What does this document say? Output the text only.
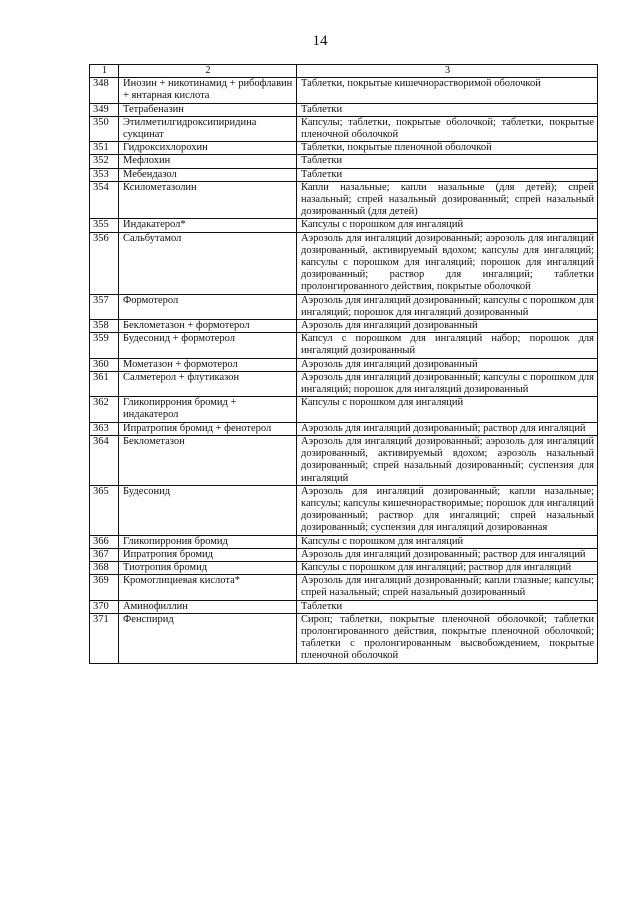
14
1	2	3
348	Инозин + никотинамид + рибофлавин + янтарная кислота	Таблетки, покрытые кишечнорастворимой оболочкой
349	Тетрабеназин	Таблетки
350	Этилметилгидроксипиридина сукцинат	Капсулы; таблетки, покрытые оболочкой; таблетки, покрытые пленочной оболочкой
351	Гидроксихлорохин	Таблетки, покрытые пленочной оболочкой
352	Мефлохин	Таблетки
353	Мебендазол	Таблетки
354	Ксилометазолин	Капли назальные; капли назальные (для детей); спрей назальный; спрей назальный дозированный; спрей назальный дозированный (для детей)
355	Индакатерол*	Капсулы с порошком для ингаляций
356	Сальбутамол	Аэрозоль для ингаляций дозированный; аэрозоль для ингаляций дозированный, активируемый вдохом; капсулы для ингаляций; капсулы с порошком для ингаляций; порошок для ингаляций дозированный; раствор для ингаляций; таблетки пролонгированного действия, покрытые оболочкой
357	Формотерол	Аэрозоль для ингаляций дозированный; капсулы с порошком для ингаляций; порошок для ингаляций дозированный
358	Беклометазон + формотерол	Аэрозоль для ингаляций дозированный
359	Будесонид + формотерол	Капсул с порошком для ингаляций набор; порошок для ингаляций дозированный
360	Мометазон + формотерол	Аэрозоль для ингаляций дозированный
361	Салметерол + флутиказон	Аэрозоль для ингаляций дозированный; капсулы с порошком для ингаляций; порошок для ингаляций дозированный
362	Гликопиррония бромид + индакатерол	Капсулы с порошком для ингаляций
363	Ипратропия бромид + фенотерол	Аэрозоль для ингаляций дозированный; раствор для ингаляций
364	Беклометазон	Аэрозоль для ингаляций дозированный; аэрозоль для ингаляций дозированный, активируемый вдохом; аэрозоль назальный дозированный; спрей назальный дозированный; суспензия для ингаляций
365	Будесонид	Аэрозоль для ингаляций дозированный; капли назальные; капсулы; капсулы кишечнорастворимые; порошок для ингаляций дозированный; раствор для ингаляций; спрей назальный дозированный; суспензия для ингаляций дозированная
366	Гликопиррония бромид	Капсулы с порошком для ингаляций
367	Ипратропия бромид	Аэрозоль для ингаляций дозированный; раствор для ингаляций
368	Тиотропия бромид	Капсулы с порошком для ингаляций; раствор для ингаляций
369	Кромоглициевая кислота*	Аэрозоль для ингаляций дозированный; капли глазные; капсулы; спрей назальный; спрей назальный дозированный
370	Аминофиллин	Таблетки
371	Фенспирид	Сироп; таблетки, покрытые пленочной оболочкой; таблетки пролонгированного действия, покрытые пленочной оболочкой; таблетки с пролонгированным высвобождением, покрытые пленочной оболочкой
